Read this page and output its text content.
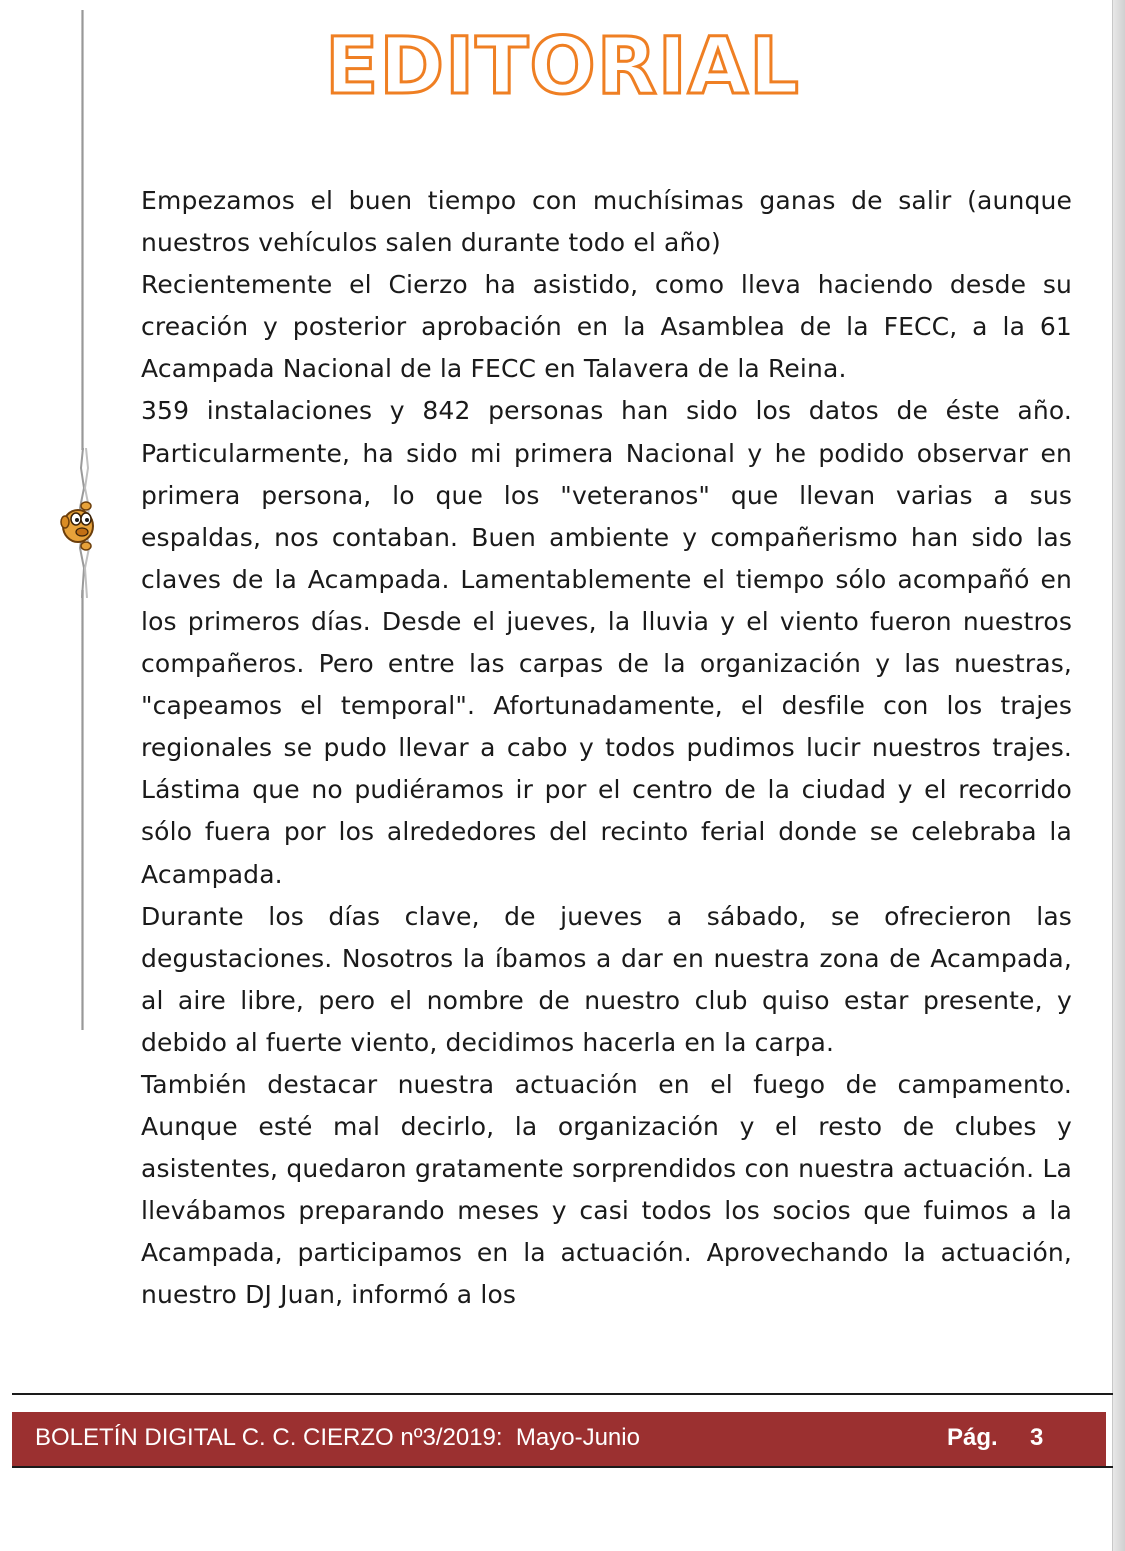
EDITORIAL

Empezamos el buen tiempo con muchísimas ganas de salir (aunque nuestros vehículos salen durante todo el año)

Recientemente el Cierzo ha asistido, como lleva haciendo desde su creación y posterior aprobación en la Asamblea de la FECC, a la 61 Acampada Nacional de la FECC en Talavera de la Reina.

359 instalaciones y 842 personas han sido los datos de éste año. Particularmente, ha sido mi primera Nacional y he podido observar en primera persona, lo que los "veteranos" que llevan varias a sus espaldas, nos contaban. Buen ambiente y compañerismo han sido las claves de la Acampada. Lamentablemente el tiempo sólo acompañó en los primeros días. Desde el jueves, la lluvia y el viento fueron nuestros compañeros. Pero entre las carpas de la organización y las nuestras, "capeamos el temporal". Afortunadamente, el desfile con los trajes regionales se pudo llevar a cabo y todos pudimos lucir nuestros trajes. Lástima que no pudiéramos ir por el centro de la ciudad y el recorrido sólo fuera por los alrededores del recinto ferial donde se celebraba la Acampada.

Durante los días clave, de jueves a sábado, se ofrecieron las degustaciones. Nosotros la íbamos a dar en nuestra zona de Acampada, al aire libre, pero el nombre de nuestro club quiso estar presente, y debido al fuerte viento, decidimos hacerla en la carpa.

También destacar nuestra actuación en el fuego de campamento. Aunque esté mal decirlo, la organización y el resto de clubes y asistentes, quedaron gratamente sorprendidos con nuestra actuación. La llevábamos preparando meses y casi todos los socios que fuimos a la Acampada, participamos en la actuación. Aprovechando la actuación, nuestro DJ Juan, informó a los

BOLETÍN DIGITAL C. C. CIERZO nº3/2019:  Mayo-Junio	Pág. 3
